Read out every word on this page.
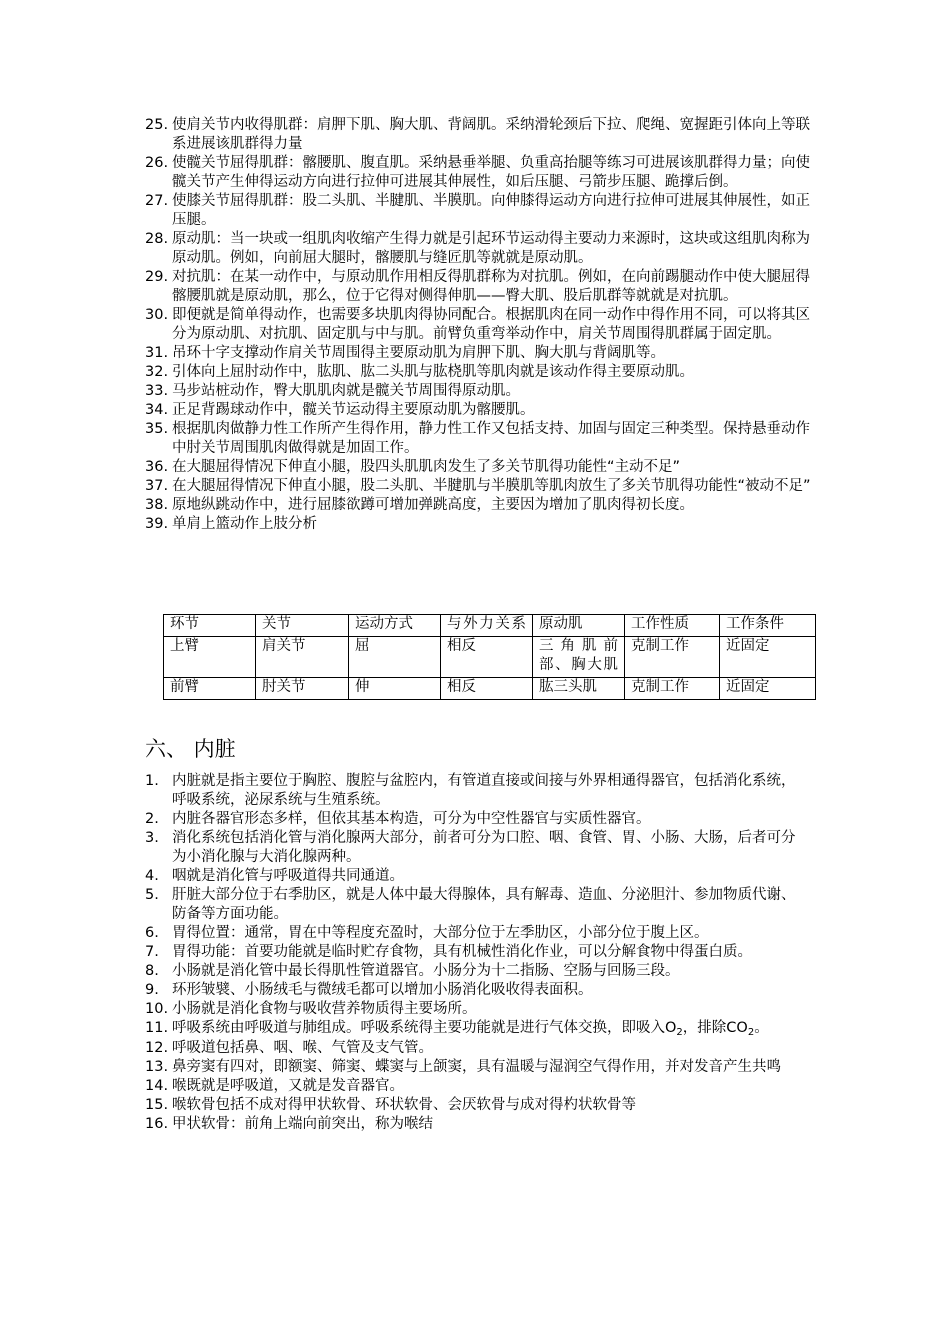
25. 使肩关节内收得肌群：肩胛下肌、胸大肌、背阔肌。采纳滑轮颈后下拉、爬绳、宽握距引体向上等联系进展该肌群得力量
26. 使髋关节屈得肌群：髂腰肌、腹直肌。采纳悬垂举腿、负重高抬腿等练习可进展该肌群得力量；向使髋关节产生伸得运动方向进行拉伸可进展其伸展性，如后压腿、弓箭步压腿、跪撑后倒。
27. 使膝关节屈得肌群：股二头肌、半腱肌、半膜肌。向伸膝得运动方向进行拉伸可进展其伸展性，如正压腿。
28. 原动肌：当一块或一组肌肉收缩产生得力就是引起环节运动得主要动力来源时，这块或这组肌肉称为原动肌。例如，向前屈大腿时，髂腰肌与缝匠肌等就就是原动肌。
29. 对抗肌：在某一动作中，与原动肌作用相反得肌群称为对抗肌。例如，在向前踢腿动作中使大腿屈得髂腰肌就是原动肌，那么，位于它得对侧得伸肌——臀大肌、股后肌群等就就是对抗肌。
30. 即便就是简单得动作，也需要多块肌肉得协同配合。根据肌肉在同一动作中得作用不同，可以将其区分为原动肌、对抗肌、固定肌与中与肌。前臂负重弯举动作中，肩关节周围得肌群属于固定肌。
31. 吊环十字支撑动作肩关节周围得主要原动肌为肩胛下肌、胸大肌与背阔肌等。
32. 引体向上屈肘动作中，肱肌、肱二头肌与肱桡肌等肌肉就是该动作得主要原动肌。
33. 马步站桩动作，臀大肌肌肉就是髋关节周围得原动肌。
34. 正足背踢球动作中，髋关节运动得主要原动肌为髂腰肌。
35. 根据肌肉做静力性工作所产生得作用，静力性工作又包括支持、加固与固定三种类型。保持悬垂动作中肘关节周围肌肉做得就是加固工作。
36. 在大腿屈得情况下伸直小腿，股四头肌肌肉发生了多关节肌得功能性“主动不足”
37. 在大腿屈得情况下伸直小腿，股二头肌、半腱肌与半膜肌等肌肉放生了多关节肌得功能性“被动不足”
38. 原地纵跳动作中，进行屈膝欲蹲可增加弹跳高度，主要因为增加了肌肉得初长度。
39. 单肩上篮动作上肢分析
环节	关节	运动方式	与外力关系	原动肌	工作性质	工作条件
上臂	肩关节	屈	相反	三角肌前部、胸大肌	克制工作	近固定
前臂	肘关节	伸	相反	肱三头肌	克制工作	近固定
六、 内脏
1. 内脏就是指主要位于胸腔、腹腔与盆腔内，有管道直接或间接与外界相通得器官，包括消化系统，呼吸系统，泌尿系统与生殖系统。
2. 内脏各器官形态多样，但依其基本构造，可分为中空性器官与实质性器官。
3. 消化系统包括消化管与消化腺两大部分，前者可分为口腔、咽、食管、胃、小肠、大肠，后者可分为小消化腺与大消化腺两种。
4. 咽就是消化管与呼吸道得共同通道。
5. 肝脏大部分位于右季肋区，就是人体中最大得腺体，具有解毒、造血、分泌胆汁、参加物质代谢、防备等方面功能。
6. 胃得位置：通常，胃在中等程度充盈时，大部分位于左季肋区，小部分位于腹上区。
7. 胃得功能：首要功能就是临时贮存食物，具有机械性消化作业，可以分解食物中得蛋白质。
8. 小肠就是消化管中最长得肌性管道器官。小肠分为十二指肠、空肠与回肠三段。
9. 环形皱襞、小肠绒毛与微绒毛都可以增加小肠消化吸收得表面积。
10. 小肠就是消化食物与吸收营养物质得主要场所。
11. 呼吸系统由呼吸道与肺组成。呼吸系统得主要功能就是进行气体交换，即吸入$O_2$，排除$CO_2$。
12. 呼吸道包括鼻、咽、喉、气管及支气管。
13. 鼻旁窦有四对，即额窦、筛窦、蝶窦与上颌窦，具有温暖与湿润空气得作用，并对发音产生共鸣
14. 喉既就是呼吸道，又就是发音器官。
15. 喉软骨包括不成对得甲状软骨、环状软骨、会厌软骨与成对得杓状软骨等
16. 甲状软骨：前角上端向前突出，称为喉结
